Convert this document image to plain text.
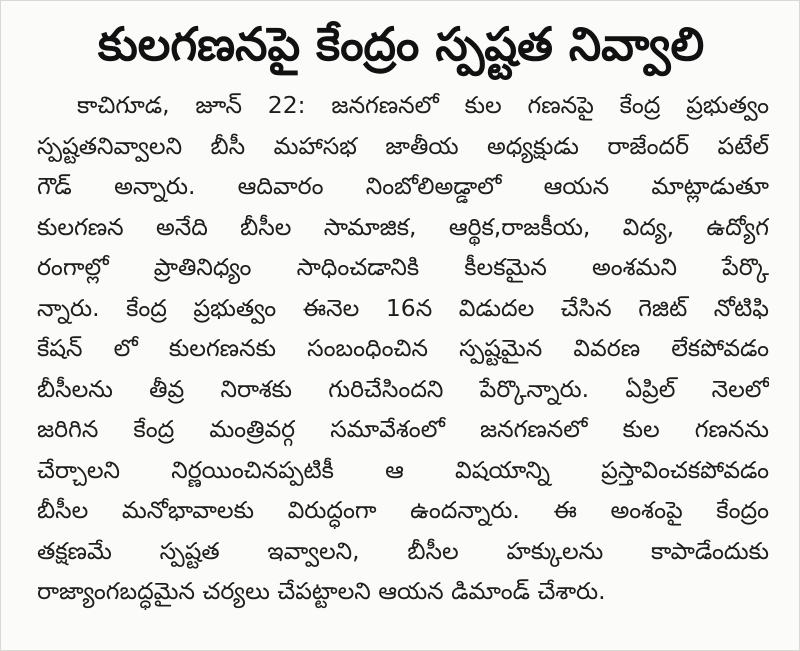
కులగణనపై కేంద్రం స్పష్టత నివ్వాలి
కాచిగూడ, జూన్ 22: జనగణనలో కుల గణనపై కేంద్ర ప్రభుత్వం
స్పష్టతనివ్వాలని బీసీ మహాసభ జాతీయ అధ్యక్షుడు రాజేందర్ పటేల్
గౌడ్ అన్నారు. ఆదివారం నింబోలిఅడ్డాలో ఆయన మాట్లాడుతూ
కులగణన అనేది బీసీల సామాజిక, ఆర్థిక,రాజకీయ, విద్య, ఉద్యోగ
రంగాల్లో ప్రాతినిధ్యం సాధించడానికి కీలకమైన అంశమని పేర్కొ
న్నారు. కేంద్ర ప్రభుత్వం ఈనెల 16న విడుదల చేసిన గెజిట్ నోటిఫి
కేషన్ లో కులగణనకు సంబంధించిన స్పష్టమైన వివరణ లేకపోవడం
బీసీలను తీవ్ర నిరాశకు గురిచేసిందని పేర్కొన్నారు. ఏప్రిల్ నెలలో
జరిగిన కేంద్ర మంత్రివర్గ సమావేశంలో జనగణనలో కుల గణనను
చేర్చాలని నిర్ణయించినప్పటికీ ఆ విషయాన్ని ప్రస్తావించకపోవడం
బీసీల మనోభావాలకు విరుద్ధంగా ఉందన్నారు. ఈ అంశంపై కేంద్రం
తక్షణమే స్పష్టత ఇవ్వాలని, బీసీల హక్కులను కాపాడేందుకు
రాజ్యాంగబద్ధమైన చర్యలు చేపట్టాలని ఆయన డిమాండ్ చేశారు.
